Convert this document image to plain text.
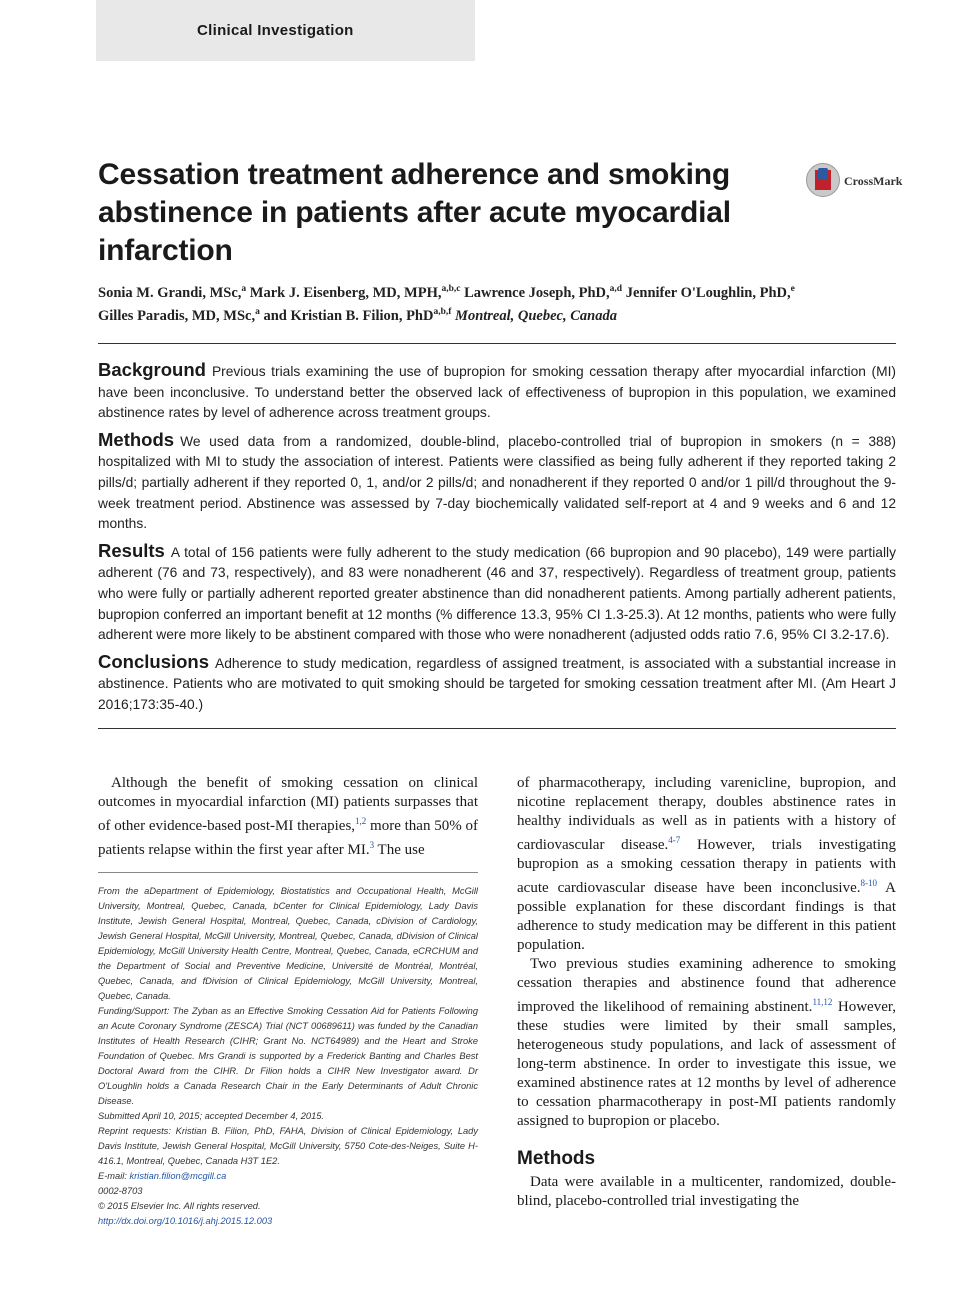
Clinical Investigation
Cessation treatment adherence and smoking abstinence in patients after acute myocardial infarction
CrossMark
Sonia M. Grandi, MSc,$^a$ Mark J. Eisenberg, MD, MPH,$^{a,b,c}$ Lawrence Joseph, PhD,$^{a,d}$ Jennifer O'Loughlin, PhD,$^e$
Gilles Paradis, MD, MSc,$^a$ and Kristian B. Filion, PhD$^{a,b,f}$ Montreal, Quebec, Canada

Background Previous trials examining the use of bupropion for smoking cessation therapy after myocardial infarction (MI) have been inconclusive. To understand better the observed lack of effectiveness of bupropion in this population, we examined abstinence rates by level of adherence across treatment groups.

Methods We used data from a randomized, double-blind, placebo-controlled trial of bupropion in smokers (n = 388) hospitalized with MI to study the association of interest. Patients were classified as being fully adherent if they reported taking 2 pills/d; partially adherent if they reported 0, 1, and/or 2 pills/d; and nonadherent if they reported 0 and/or 1 pill/d throughout the 9-week treatment period. Abstinence was assessed by 7-day biochemically validated self-report at 4 and 9 weeks and 6 and 12 months.

Results A total of 156 patients were fully adherent to the study medication (66 bupropion and 90 placebo), 149 were partially adherent (76 and 73, respectively), and 83 were nonadherent (46 and 37, respectively). Regardless of treatment group, patients who were fully or partially adherent reported greater abstinence than did nonadherent patients. Among partially adherent patients, bupropion conferred an important benefit at 12 months (% difference 13.3, 95% CI 1.3-25.3). At 12 months, patients who were fully adherent were more likely to be abstinent compared with those who were nonadherent (adjusted odds ratio 7.6, 95% CI 3.2-17.6).

Conclusions Adherence to study medication, regardless of assigned treatment, is associated with a substantial increase in abstinence. Patients who are motivated to quit smoking should be targeted for smoking cessation treatment after MI. (Am Heart J 2016;173:35-40.)

Although the benefit of smoking cessation on clinical outcomes in myocardial infarction (MI) patients surpasses that of other evidence-based post-MI therapies,$^{1,2}$ more than 50% of patients relapse within the first year after MI.$^3$ The use

From the aDepartment of Epidemiology, Biostatistics and Occupational Health, McGill University, Montreal, Quebec, Canada, bCenter for Clinical Epidemiology, Lady Davis Institute, Jewish General Hospital, Montreal, Quebec, Canada, cDivision of Cardiology, Jewish General Hospital, McGill University, Montreal, Quebec, Canada, dDivision of Clinical Epidemiology, McGill University Health Centre, Montreal, Quebec, Canada, eCRCHUM and the Department of Social and Preventive Medicine, Université de Montréal, Montréal, Quebec, Canada, and fDivision of Clinical Epidemiology, McGill University, Montreal, Quebec, Canada.

Funding/Support: The Zyban as an Effective Smoking Cessation Aid for Patients Following an Acute Coronary Syndrome (ZESCA) Trial (NCT 00689611) was funded by the Canadian Institutes of Health Research (CIHR; Grant No. NCT64989) and the Heart and Stroke Foundation of Quebec. Mrs Grandi is supported by a Frederick Banting and Charles Best Doctoral Award from the CIHR. Dr Filion holds a CIHR New Investigator award. Dr O'Loughlin holds a Canada Research Chair in the Early Determinants of Adult Chronic Disease.

Submitted April 10, 2015; accepted December 4, 2015.

Reprint requests: Kristian B. Filion, PhD, FAHA, Division of Clinical Epidemiology, Lady Davis Institute, Jewish General Hospital, McGill University, 5750 Cote-des-Neiges, Suite H-416.1, Montreal, Quebec, Canada H3T 1E2.

E-mail: kristian.filion@mcgill.ca

0002-8703

© 2015 Elsevier Inc. All rights reserved.

http://dx.doi.org/10.1016/j.ahj.2015.12.003

of pharmacotherapy, including varenicline, bupropion, and nicotine replacement therapy, doubles abstinence rates in healthy individuals as well as in patients with a history of cardiovascular disease.$^{4-7}$ However, trials investigating bupropion as a smoking cessation therapy in patients with acute cardiovascular disease have been inconclusive.$^{8-10}$ A possible explanation for these discordant findings is that adherence to study medication may be different in this patient population.

Two previous studies examining adherence to smoking cessation therapies and abstinence found that adherence improved the likelihood of remaining abstinent.$^{11,12}$ However, these studies were limited by their small samples, heterogeneous study populations, and lack of assessment of long-term abstinence. In order to investigate this issue, we examined abstinence rates at 12 months by level of adherence to cessation pharmacotherapy in post-MI patients randomly assigned to bupropion or placebo.

Methods

Data were available in a multicenter, randomized, double-blind, placebo-controlled trial investigating the
